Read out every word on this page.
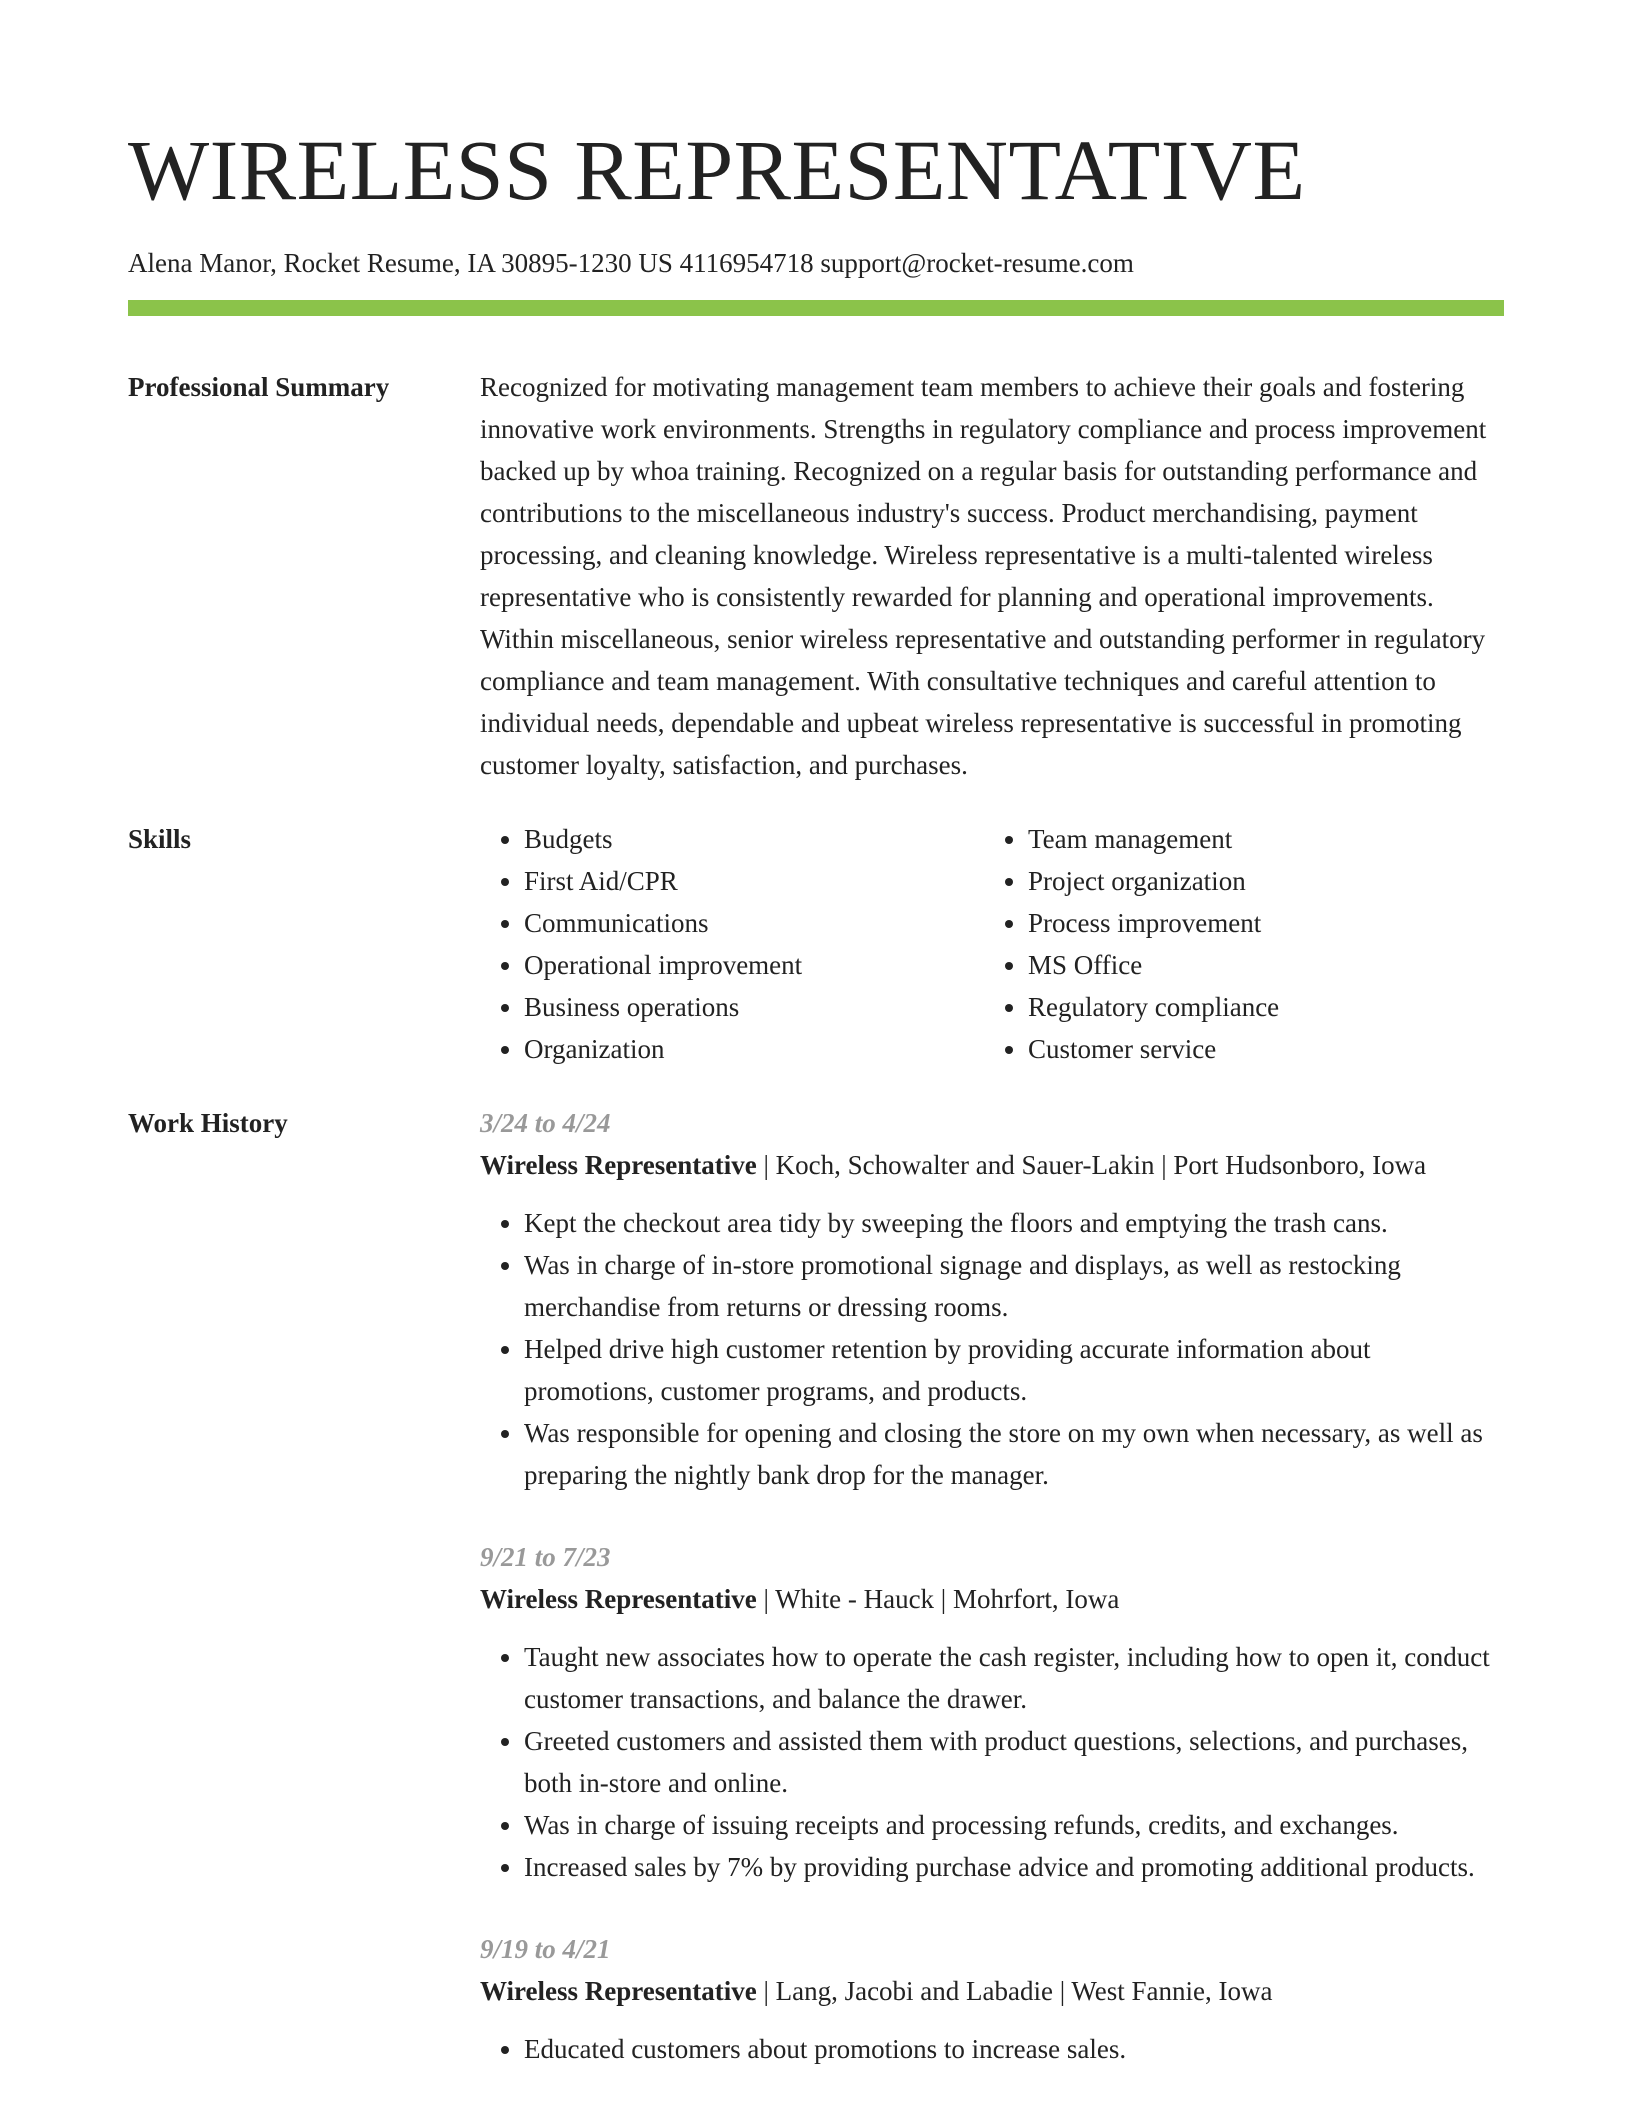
WIRELESS REPRESENTATIVE
Alena Manor, Rocket Resume, IA 30895-1230 US 4116954718 support@rocket-resume.com
Professional Summary	Recognized for motivating management team members to achieve their goals and fostering innovative work environments. Strengths in regulatory compliance and process improvement backed up by whoa training. Recognized on a regular basis for outstanding performance and contributions to the miscellaneous industry's success. Product merchandising, payment processing, and cleaning knowledge. Wireless representative is a multi-talented wireless representative who is consistently rewarded for planning and operational improvements. Within miscellaneous, senior wireless representative and outstanding performer in regulatory compliance and team management. With consultative techniques and careful attention to individual needs, dependable and upbeat wireless representative is successful in promoting customer loyalty, satisfaction, and purchases.

Skills
•	Budgets
• First Aid/CPR
• Communications
• Operational improvement
• Business operations
• Organization
• Team management
• Project organization
• Process improvement
• MS Office
• Regulatory compliance
• Customer service
Work History	3/24 to 4/24
Wireless Representative | Koch, Schowalter and Sauer-Lakin | Port Hudsonboro, Iowa
• Kept the checkout area tidy by sweeping the floors and emptying the trash cans.
• Was in charge of in-store promotional signage and displays, as well as restocking merchandise from returns or dressing rooms.
• Helped drive high customer retention by providing accurate information about promotions, customer programs, and products.
• Was responsible for opening and closing the store on my own when necessary, as well as preparing the nightly bank drop for the manager.
9/21 to 7/23
Wireless Representative | White - Hauck | Mohrfort, Iowa
• Taught new associates how to operate the cash register, including how to open it, conduct customer transactions, and balance the drawer.
• Greeted customers and assisted them with product questions, selections, and purchases, both in-store and online.
• Was in charge of issuing receipts and processing refunds, credits, and exchanges.
• Increased sales by 7% by providing purchase advice and promoting additional products.
9/19 to 4/21
Wireless Representative | Lang, Jacobi and Labadie | West Fannie, Iowa
• Educated customers about promotions to increase sales.
